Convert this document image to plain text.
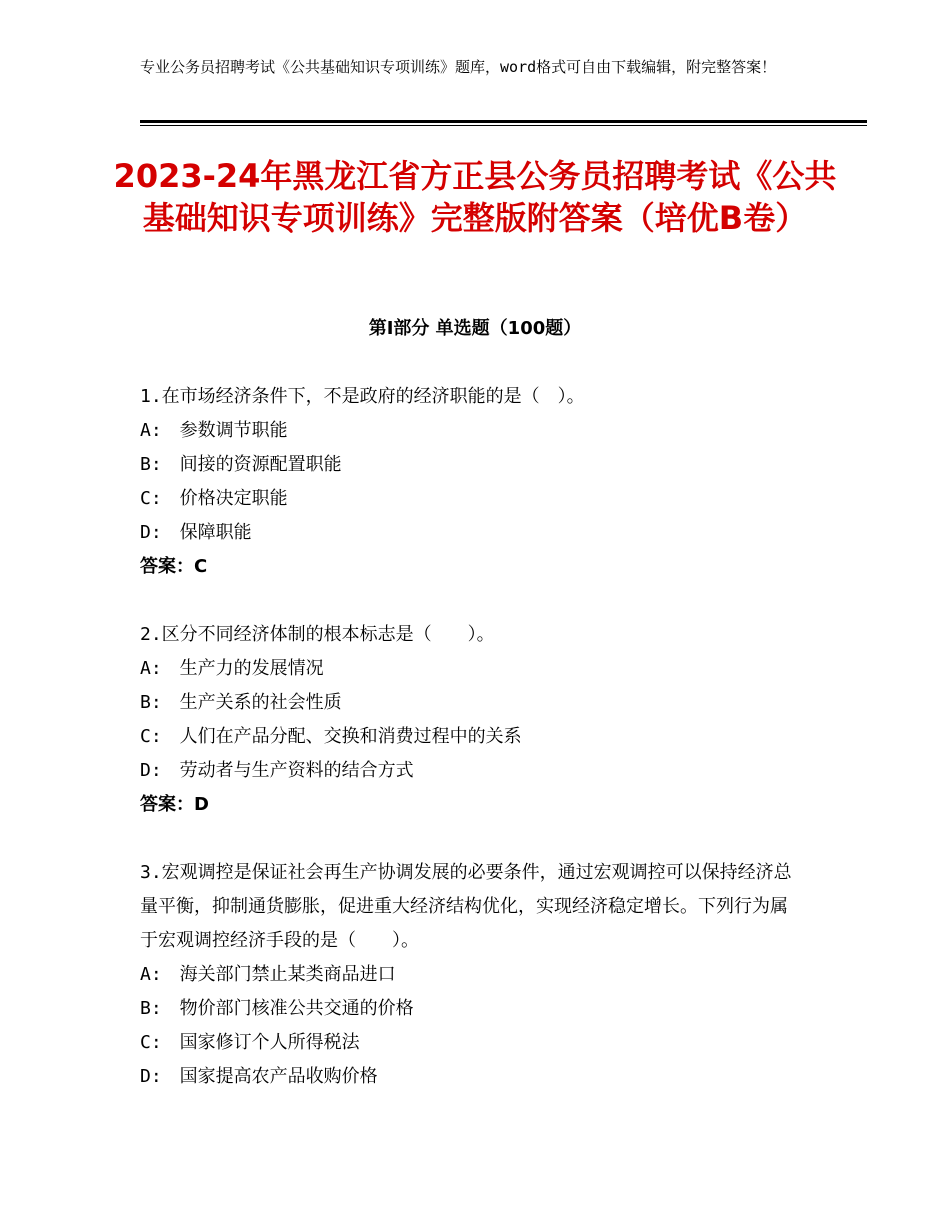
专业公务员招聘考试《公共基础知识专项训练》题库，word格式可自由下载编辑，附完整答案！
2023-24年黑龙江省方正县公务员招聘考试《公共基础知识专项训练》完整版附答案（培优B卷）
第Ⅰ部分 单选题（100题）
1.在市场经济条件下，不是政府的经济职能的是（　）。
A:　参数调节职能
B:　间接的资源配置职能
C:　价格决定职能
D:　保障职能
答案：C
2.区分不同经济体制的根本标志是（　　）。
A:　生产力的发展情况
B:　生产关系的社会性质
C:　人们在产品分配、交换和消费过程中的关系
D:　劳动者与生产资料的结合方式
答案：D
3.宏观调控是保证社会再生产协调发展的必要条件，通过宏观调控可以保持经济总量平衡，抑制通货膨胀，促进重大经济结构优化，实现经济稳定增长。下列行为属于宏观调控经济手段的是（　　）。
A:　海关部门禁止某类商品进口
B:　物价部门核准公共交通的价格
C:　国家修订个人所得税法
D:　国家提高农产品收购价格
